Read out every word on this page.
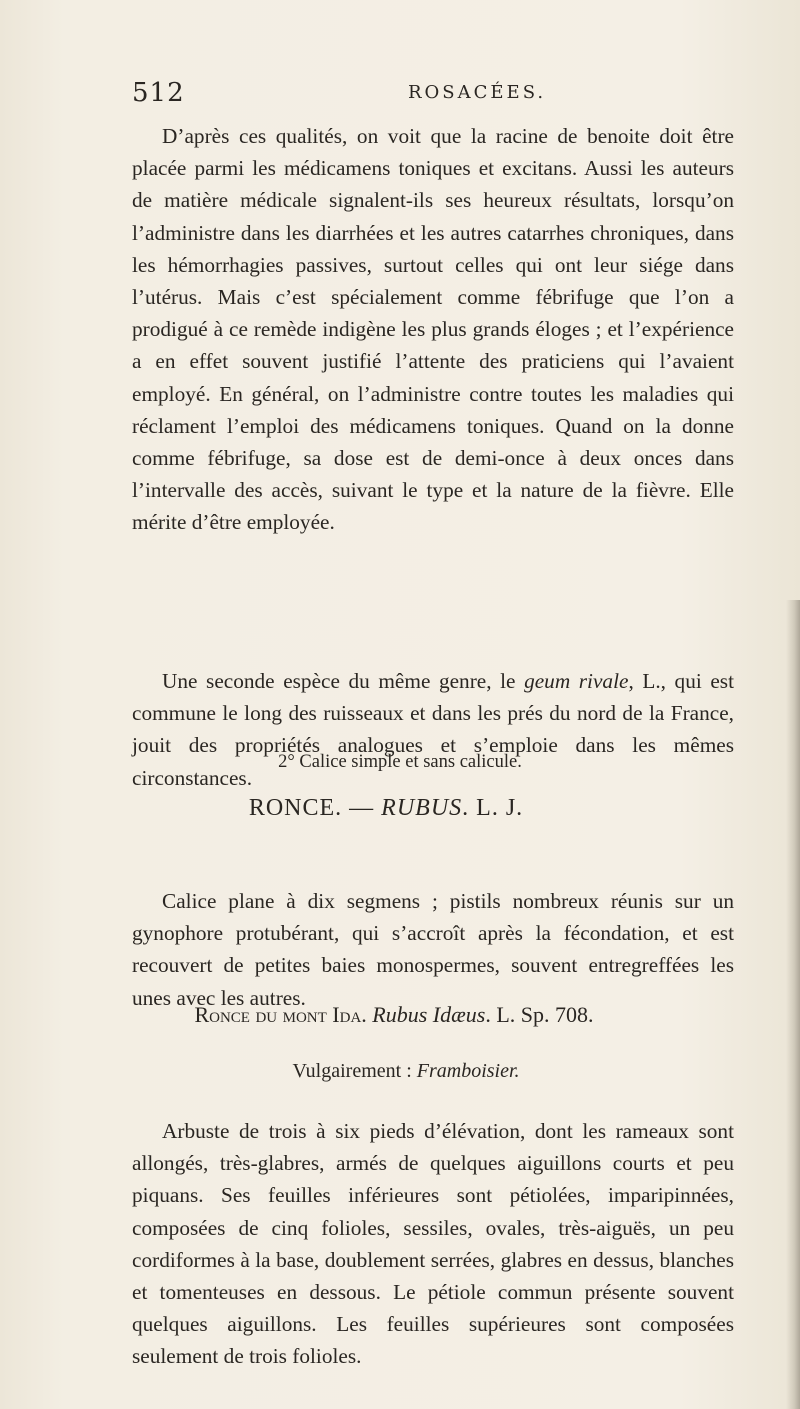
512	ROSACÉES.

D’après ces qualités, on voit que la racine de benoite doit être placée parmi les médicamens toniques et excitans. Aussi les auteurs de matière médicale signalent-ils ses heureux résultats, lorsqu’on l’administre dans les diarrhées et les autres catarrhes chroniques, dans les hémorrhagies passives, surtout celles qui ont leur siége dans l’utérus. Mais c’est spécialement comme fébrifuge que l’on a prodigué à ce remède indigène les plus grands éloges ; et l’expérience a en effet souvent justifié l’attente des praticiens qui l’avaient employé. En général, on l’administre contre toutes les maladies qui réclament l’emploi des médicamens toniques. Quand on la donne comme fébrifuge, sa dose est de demi-once à deux onces dans l’intervalle des accès, suivant le type et la nature de la fièvre. Elle mérite d’être employée.

Une seconde espèce du même genre, le geum rivale, L., qui est commune le long des ruisseaux et dans les prés du nord de la France, jouit des propriétés analogues et s’emploie dans les mêmes circonstances.

2° Calice simple et sans calicule.
RONCE. — RUBUS. L. J.

Calice plane à dix segmens ; pistils nombreux réunis sur un gynophore protubérant, qui s’accroît après la fécondation, et est recouvert de petites baies monospermes, souvent entregreffées les unes avec les autres.

Ronce du mont Ida. Rubus Idæus. L. Sp. 708.
Vulgairement : Framboisier.

Arbuste de trois à six pieds d’élévation, dont les rameaux sont allongés, très-glabres, armés de quelques aiguillons courts et peu piquans. Ses feuilles inférieures sont pétiolées, imparipinnées, composées de cinq folioles, sessiles, ovales, très-aiguës, un peu cordiformes à la base, doublement serrées, glabres en dessus, blanches et tomenteuses en dessous. Le pétiole commun présente souvent quelques aiguillons. Les feuilles supérieures sont composées seulement de trois folioles.
